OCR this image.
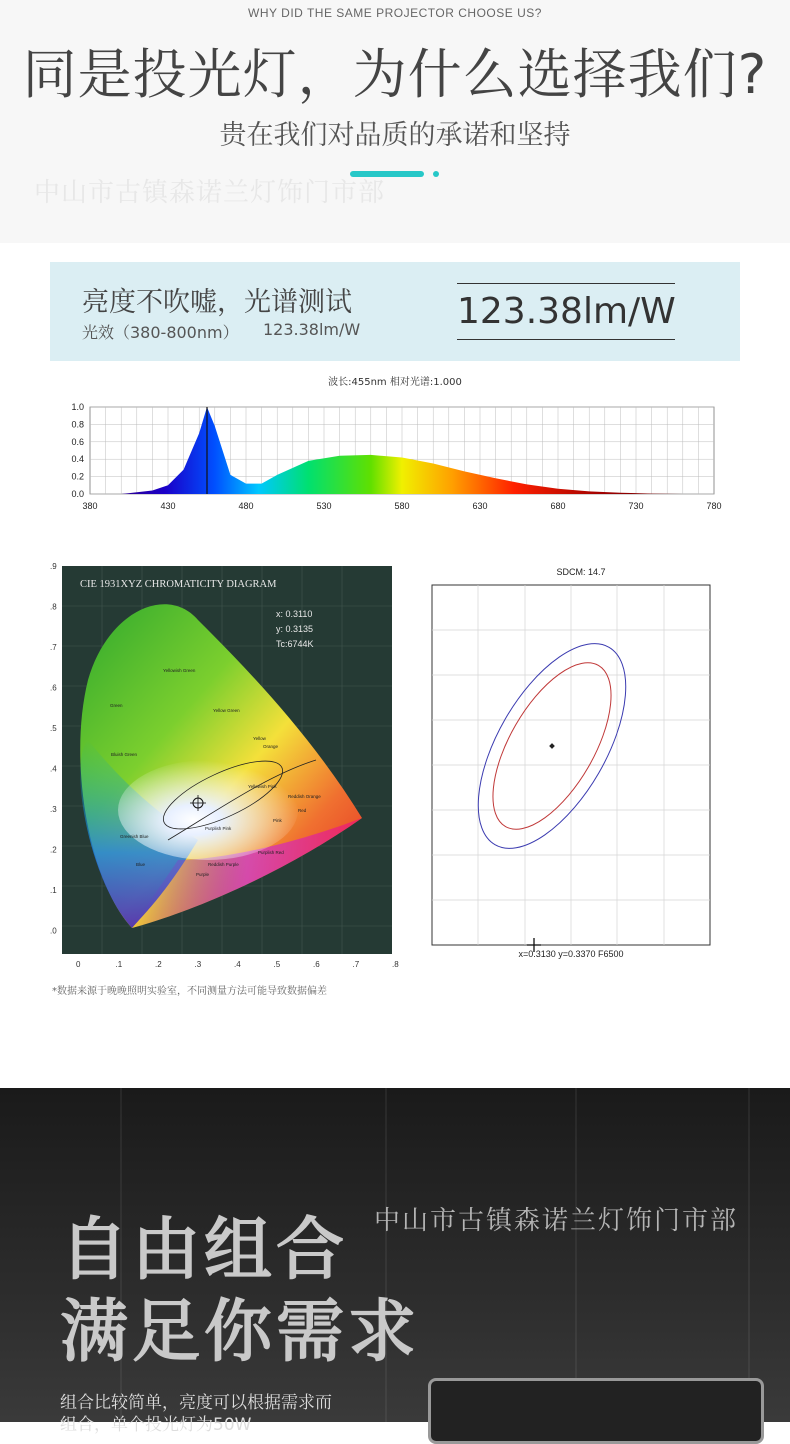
WHY DID THE SAME PROJECTOR CHOOSE US?
同是投光灯，为什么选择我们?
贵在我们对品质的承诺和坚持
中山市古镇森诺兰灯饰门市部
亮度不吹嘘，光谱测试
光效（380-800nm） 123.38lm/W	123.38lm/W
波长:455nm 相对光谱:1.000
0.0
0.2
0.4
0.6
0.8
1.0
380	430	480	530	580	630	680	730	780
CIE 1931XYZ CHROMATICITY DIAGRAM
x: 0.3110
y: 0.3135
Tc:6744K
Green
Yellowish Green
Yellow Green
Yellow
Orange
Yellowish Pink
Reddish Orange
Red
Pink
Purplish Pink
Purplish Red
Reddish Purple
Purple
Blue
Greenish Blue
Bluish Green
0	.1	.2	.3	.4	.5	.6	.7	.8
.9
.8
.7
.6
.5
.4
.3
.2
.1
.0
SDCM: 14.7
x=0.3130 y=0.3370 F6500
*数据来源于晚晚照明实验室，不同测量方法可能导致数据偏差
中山市古镇森诺兰灯饰门市部
自由组合
满足你需求
组合比较简单，亮度可以根据需求而
组合，单个投光灯为50W
